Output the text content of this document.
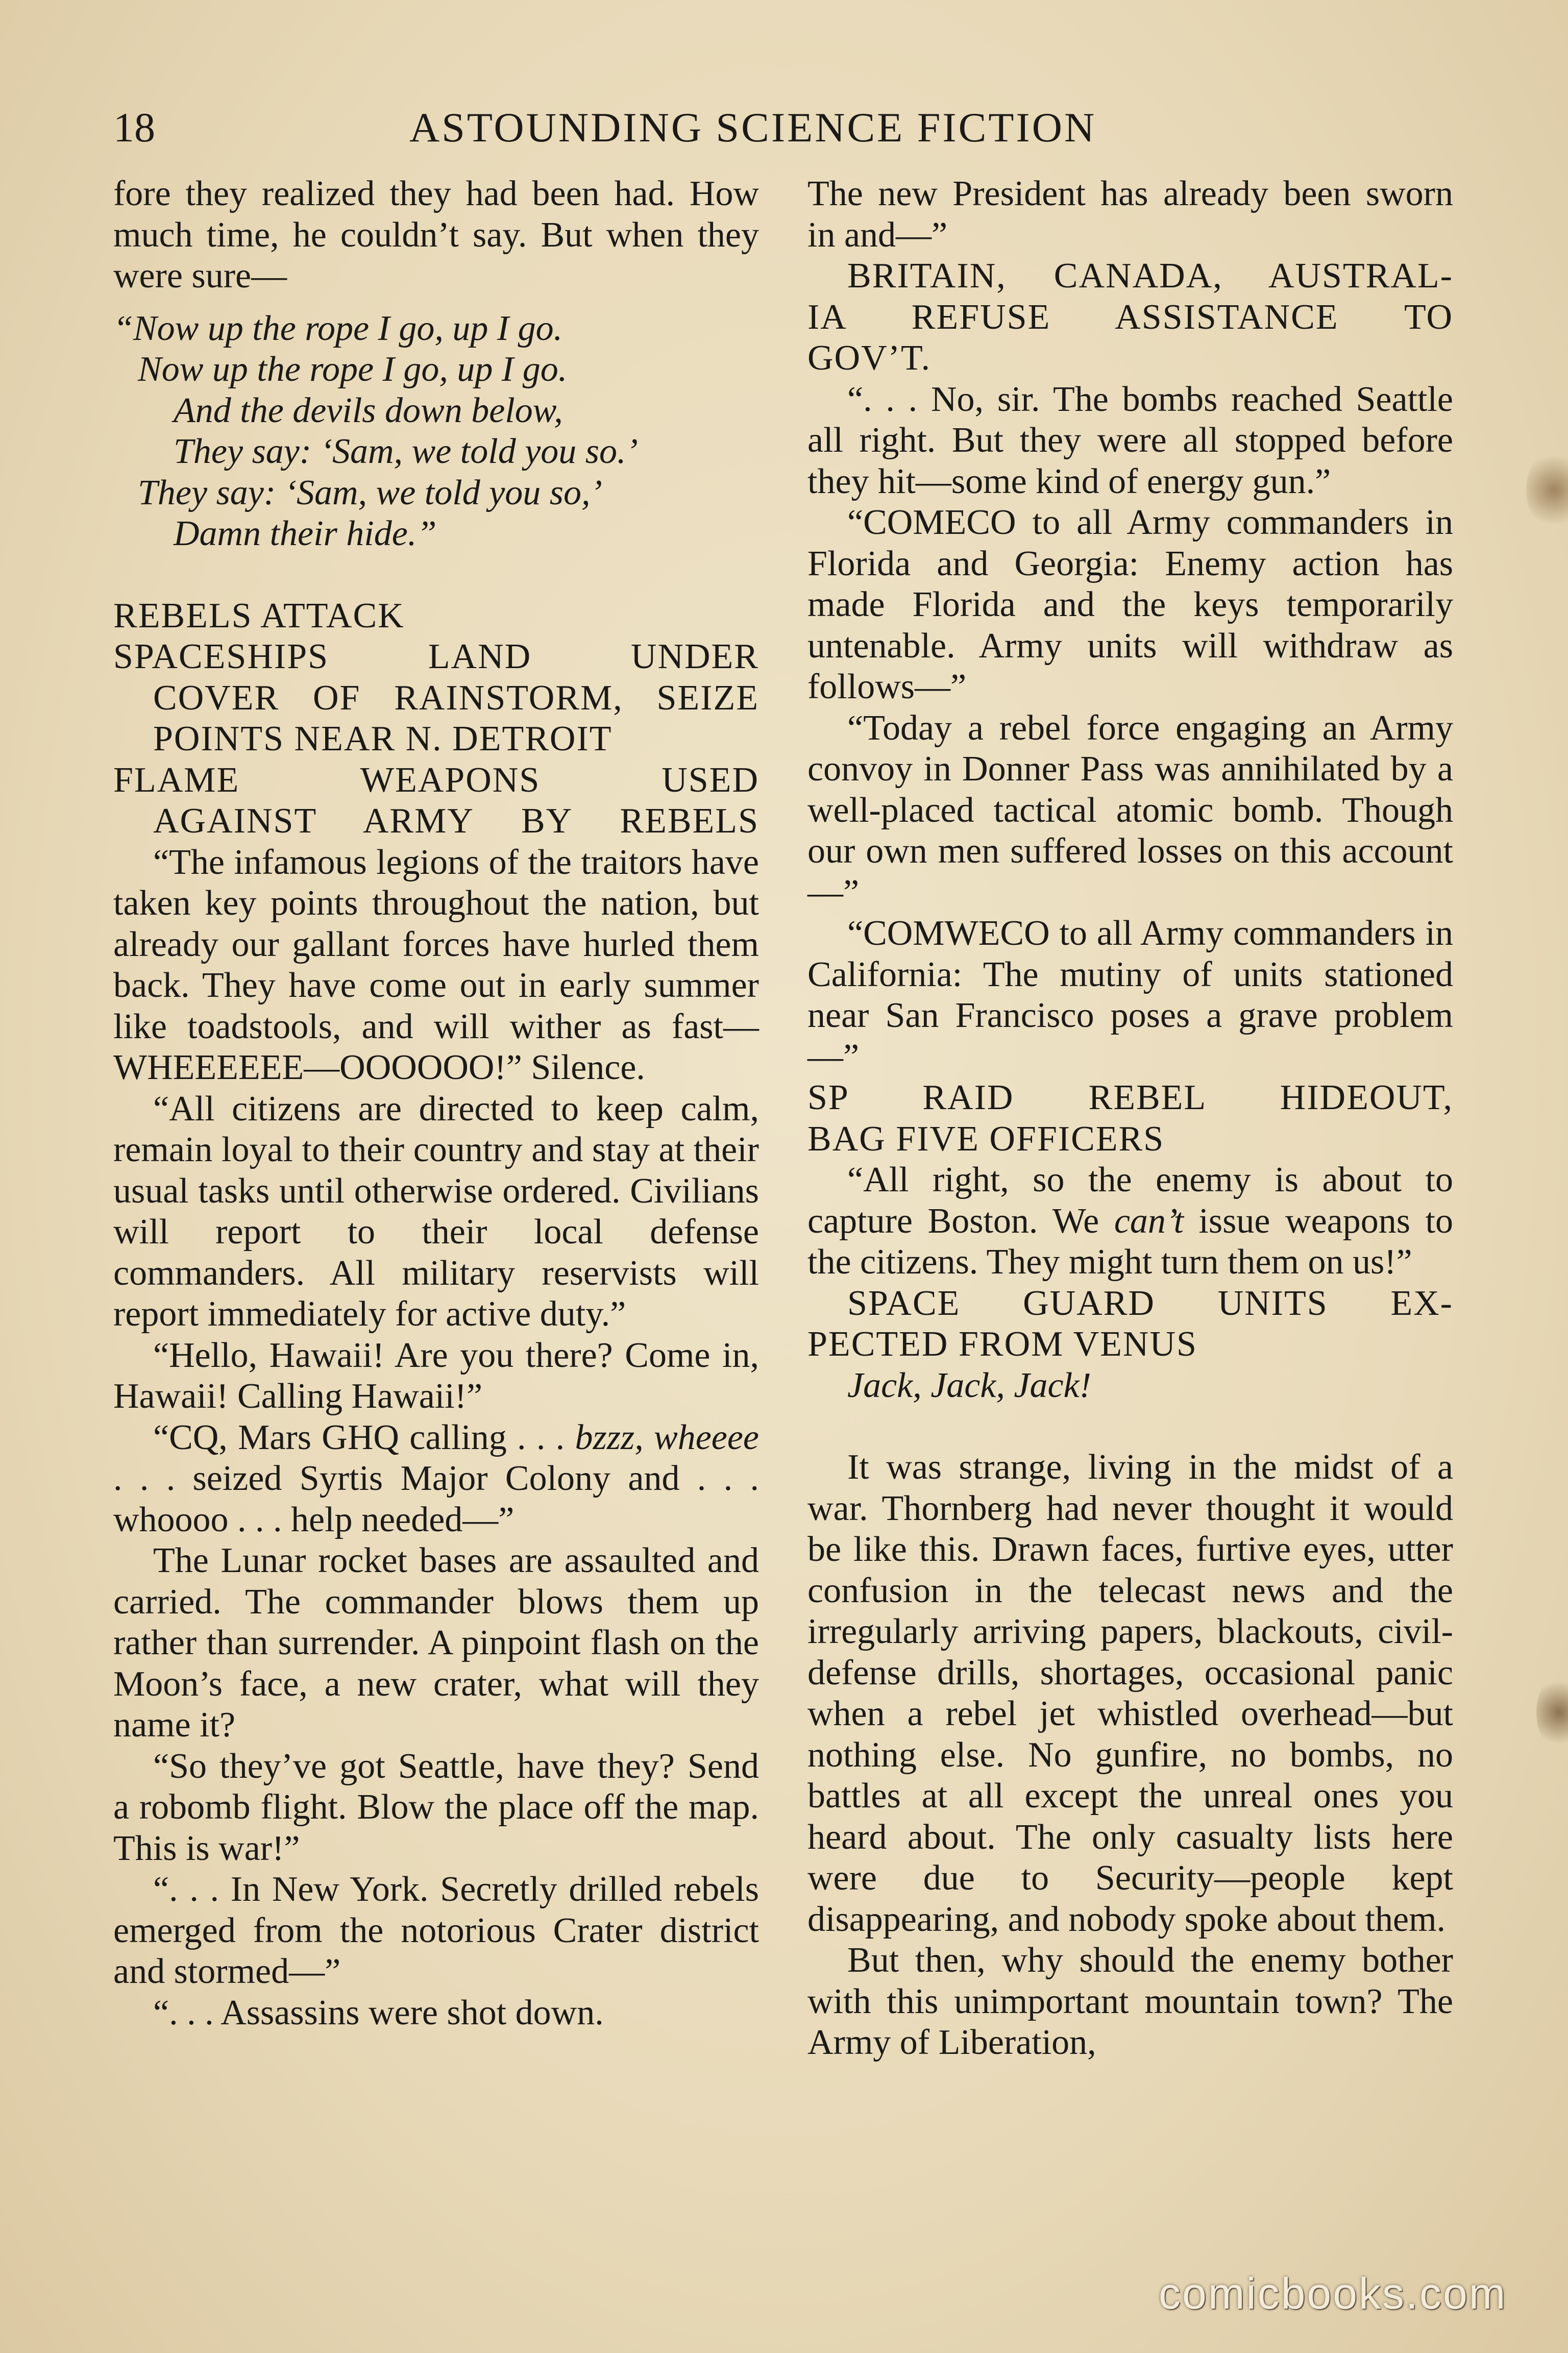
18	ASTOUNDING SCIENCE FICTION

fore they realized they had been had. How much time, he couldn’t say. But when they were sure—

“Now up the rope I go, up I go.
Now up the rope I go, up I go.
And the devils down below,
They say: ‘Sam, we told you so.’
They say: ‘Sam, we told you so,’
Damn their hide.”
REBELS ATTACK
SPACESHIPS LAND UNDER
COVER OF RAINSTORM, SEIZE
POINTS NEAR N. DETROIT
FLAME WEAPONS USED
AGAINST ARMY BY REBELS

“The infamous legions of the traitors have taken key points throughout the nation, but already our gallant forces have hurled them back. They have come out in early summer like toadstools, and will wither as fast—WHEEEEEE—OOOOOO!” Silence.

“All citizens are directed to keep calm, remain loyal to their country and stay at their usual tasks until otherwise ordered. Civilians will report to their local defense commanders. All military reservists will report immediately for active duty.”

“Hello, Hawaii! Are you there? Come in, Hawaii! Calling Hawaii!”

“CQ, Mars GHQ calling . . . bzzz, wheeee . . . seized Syrtis Major Colony and . . . whoooo . . . help needed—”

The Lunar rocket bases are assaulted and carried. The commander blows them up rather than surrender. A pinpoint flash on the Moon’s face, a new crater, what will they name it?

“So they’ve got Seattle, have they? Send a robomb flight. Blow the place off the map. This is war!”

“. . . In New York. Secretly drilled rebels emerged from the notorious Crater district and stormed—”

“. . . Assassins were shot down.

The new President has already been sworn in and—”

BRITAIN, CANADA, AUSTRAL-
IA REFUSE ASSISTANCE TO
GOV’T.

“. . . No, sir. The bombs reached Seattle all right. But they were all stopped before they hit—some kind of energy gun.”

“COMECO to all Army commanders in Florida and Georgia: Enemy action has made Florida and the keys temporarily untenable. Army units will withdraw as follows—”

“Today a rebel force engaging an Army convoy in Donner Pass was annihilated by a well-placed tactical atomic bomb. Though our own men suffered losses on this account—”

“COMWECO to all Army commanders in California: The mutiny of units stationed near San Francisco poses a grave problem—”

SP RAID REBEL HIDEOUT,
BAG FIVE OFFICERS

“All right, so the enemy is about to capture Boston. We can’t issue weapons to the citizens. They might turn them on us!”

SPACE GUARD UNITS EX-
PECTED FROM VENUS

Jack, Jack, Jack!

It was strange, living in the midst of a war. Thornberg had never thought it would be like this. Drawn faces, furtive eyes, utter confusion in the telecast news and the irregularly arriving papers, blackouts, civil-defense drills, shortages, occasional panic when a rebel jet whistled overhead—but nothing else. No gunfire, no bombs, no battles at all except the unreal ones you heard about. The only casualty lists here were due to Security—people kept disappearing, and nobody spoke about them.

But then, why should the enemy bother with this unimportant mountain town? The Army of Liberation,

comicbooks.com
